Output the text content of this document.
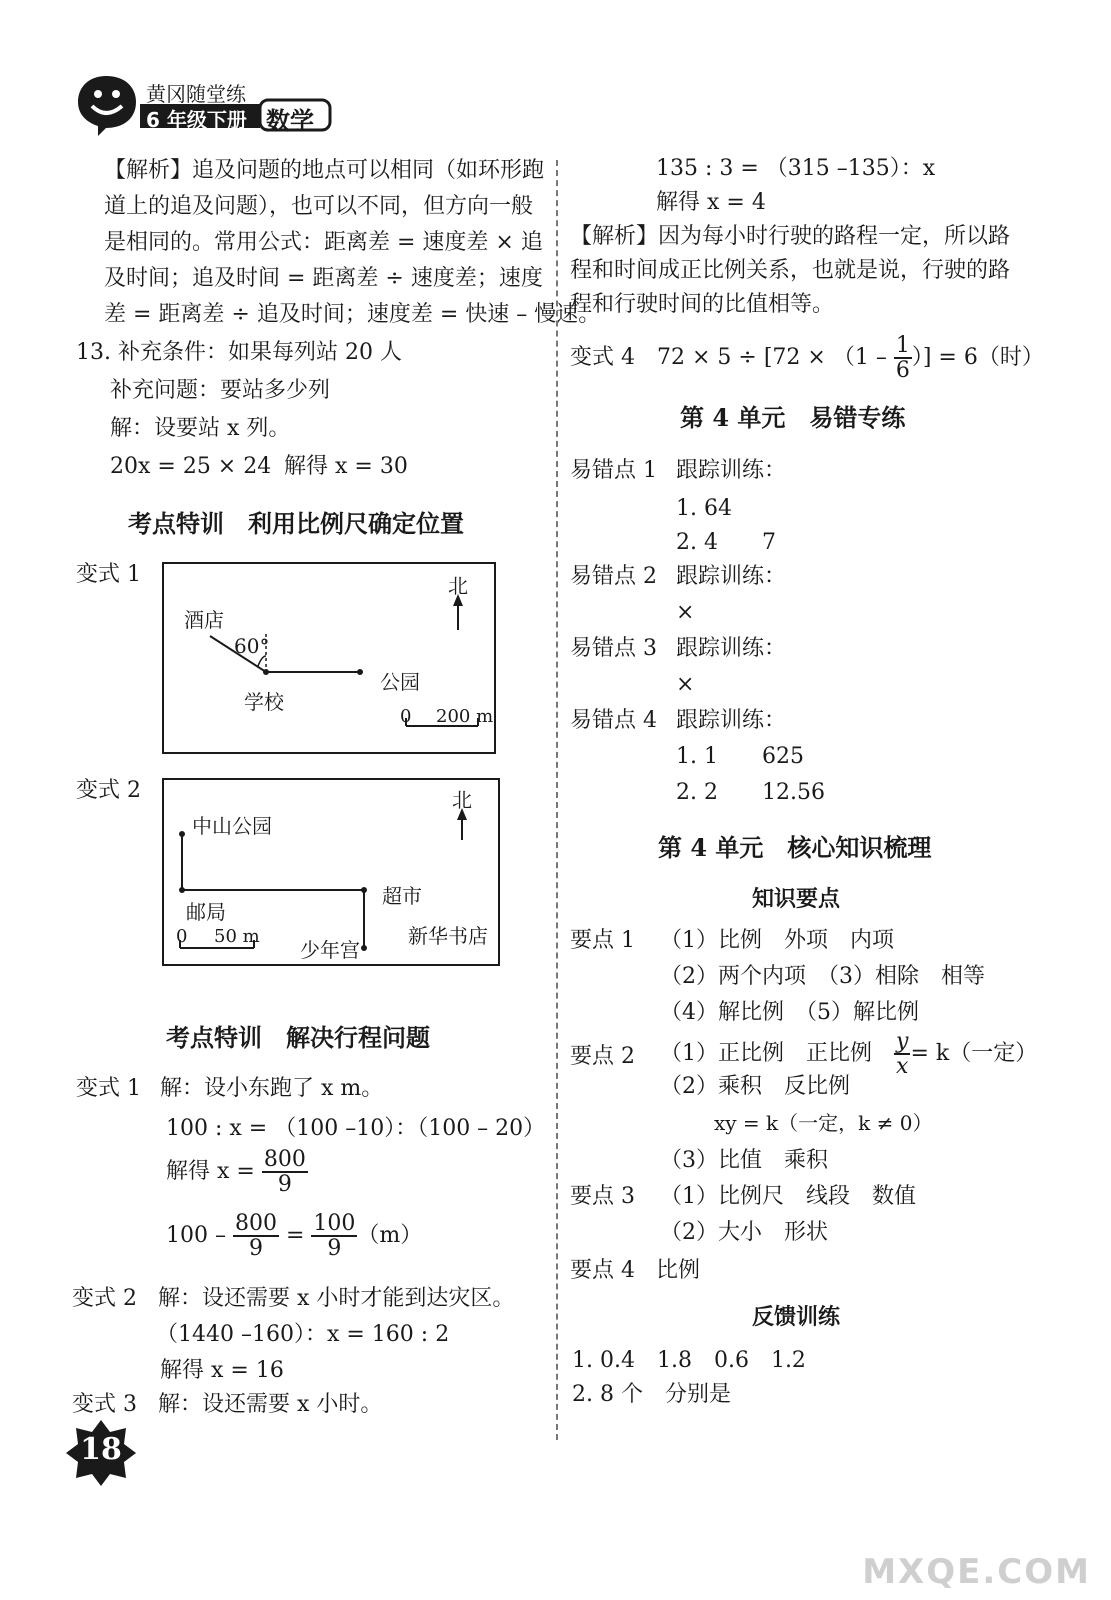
黄冈随堂练
6 年级下册 数学
【解析】追及问题的地点可以相同（如环形跑
道上的追及问题），也可以不同，但方向一般
是相同的。常用公式：距离差 = 速度差 × 追
及时间；追及时间 = 距离差 ÷ 速度差；速度
差 = 距离差 ÷ 追及时间；速度差 = 快速 – 慢速。
13. 补充条件：如果每列站 20 人
补充问题：要站多少列
解：设要站 x 列。
20x = 25 × 24 解得 x = 30
考点特训　利用比例尺确定位置
变式 1	北
酒店
60°
公园
学校
0 200 m
变式 2	北
中山公园
超市
邮局
新华书店
0 50 m
少年宫
考点特训　解决行程问题
变式 1 解：设小东跑了 x m。
100 : x = （100 –10）：（100 – 20）
解得 $x = \frac{800}{9}$
$100 - \frac{800}{9} = \frac{100}{9} (m)$
变式 2 解：设还需要 x 小时才能到达灾区。
（1440 –160）：x = 160 : 2
解得 x = 16
变式 3 解：设还需要 x 小时。
18
135 : 3 = （315 –135）：x
解得 x = 4
【解析】因为每小时行驶的路程一定，所以路
程和时间成正比例关系，也就是说，行驶的路
程和行驶时间的比值相等。
变式 4　 $72 \times 5 \div [72 \times (1 - \frac{1}{6}$ ）] = 6（时）
第 4 单元　易错专练
易错点 1 跟踪训练：
1. 64
2. 4　　7
易错点 2 跟踪训练：
×
易错点 3 跟踪训练：
×
易错点 4 跟踪训练：
1. 1　　625
2. 2　　12.56
第 4 单元　核心知识梳理
知识要点
要点 1 （1）比例　外项　内项
（2）两个内项　（3）相除　相等
（4）解比例　（5）解比例
要点 2 （1）正比例　正比例　 $\frac{y}{x} = k$（一定）
（2）乘积　反比例
xy = k（一定，k ≠ 0）
（3）比值　乘积
要点 3 （1）比例尺　线段　数值
（2）大小　形状
要点 4 比例
反馈训练
1. 0.4　1.8　0.6　1.2
2. 8 个　分别是
MXQE.COM
